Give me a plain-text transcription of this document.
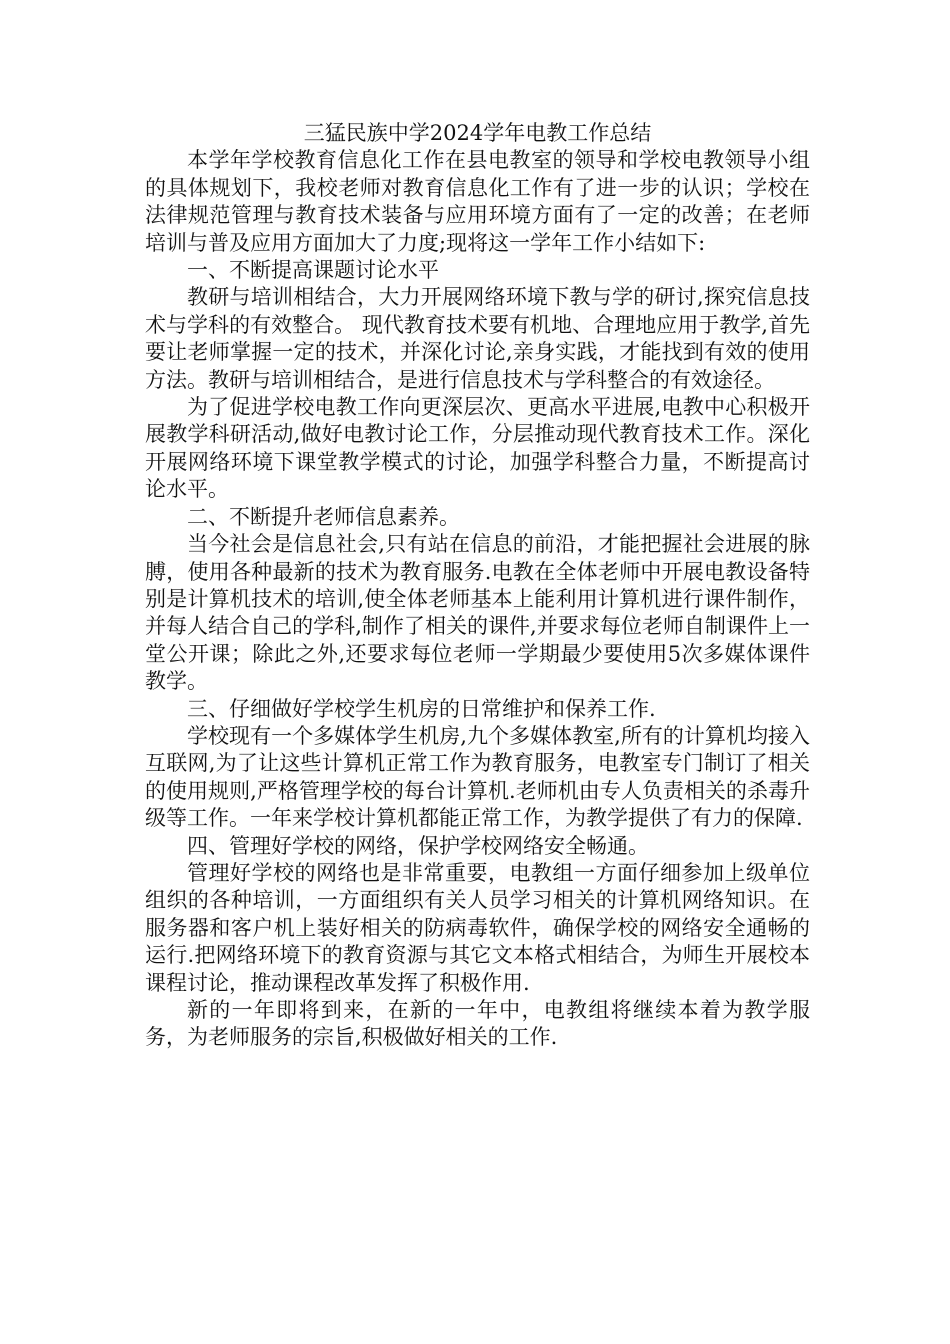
三猛民族中学2024学年电教工作总结

本学年学校教育信息化工作在县电教室的领导和学校电教领导小组的具体规划下，我校老师对教育信息化工作有了进一步的认识；学校在法律规范管理与教育技术装备与应用环境方面有了一定的改善；在老师培训与普及应用方面加大了力度;现将这一学年工作小结如下:

一、不断提高课题讨论水平

教研与培训相结合，大力开展网络环境下教与学的研讨,探究信息技术与学科的有效整合。 现代教育技术要有机地、合理地应用于教学,首先要让老师掌握一定的技术，并深化讨论,亲身实践，才能找到有效的使用方法。教研与培训相结合，是进行信息技术与学科整合的有效途径。

为了促进学校电教工作向更深层次、更高水平进展,电教中心积极开展教学科研活动,做好电教讨论工作，分层推动现代教育技术工作。深化开展网络环境下课堂教学模式的讨论，加强学科整合力量，不断提高讨论水平。

二、不断提升老师信息素养。

当今社会是信息社会,只有站在信息的前沿，才能把握社会进展的脉膊，使用各种最新的技术为教育服务.电教在全体老师中开展电教设备特别是计算机技术的培训,使全体老师基本上能利用计算机进行课件制作，并每人结合自己的学科,制作了相关的课件,并要求每位老师自制课件上一堂公开课；除此之外,还要求每位老师一学期最少要使用5次多媒体课件教学。

三、仔细做好学校学生机房的日常维护和保养工作.

学校现有一个多媒体学生机房,九个多媒体教室,所有的计算机均接入互联网,为了让这些计算机正常工作为教育服务，电教室专门制订了相关的使用规则,严格管理学校的每台计算机.老师机由专人负责相关的杀毒升级等工作。一年来学校计算机都能正常工作，为教学提供了有力的保障.

四、管理好学校的网络，保护学校网络安全畅通。

管理好学校的网络也是非常重要，电教组一方面仔细参加上级单位组织的各种培训，一方面组织有关人员学习相关的计算机网络知识。在服务器和客户机上装好相关的防病毒软件，确保学校的网络安全通畅的运行.把网络环境下的教育资源与其它文本格式相结合，为师生开展校本课程讨论，推动课程改革发挥了积极作用.

新的一年即将到来，在新的一年中，电教组将继续本着为教学服务，为老师服务的宗旨,积极做好相关的工作.
